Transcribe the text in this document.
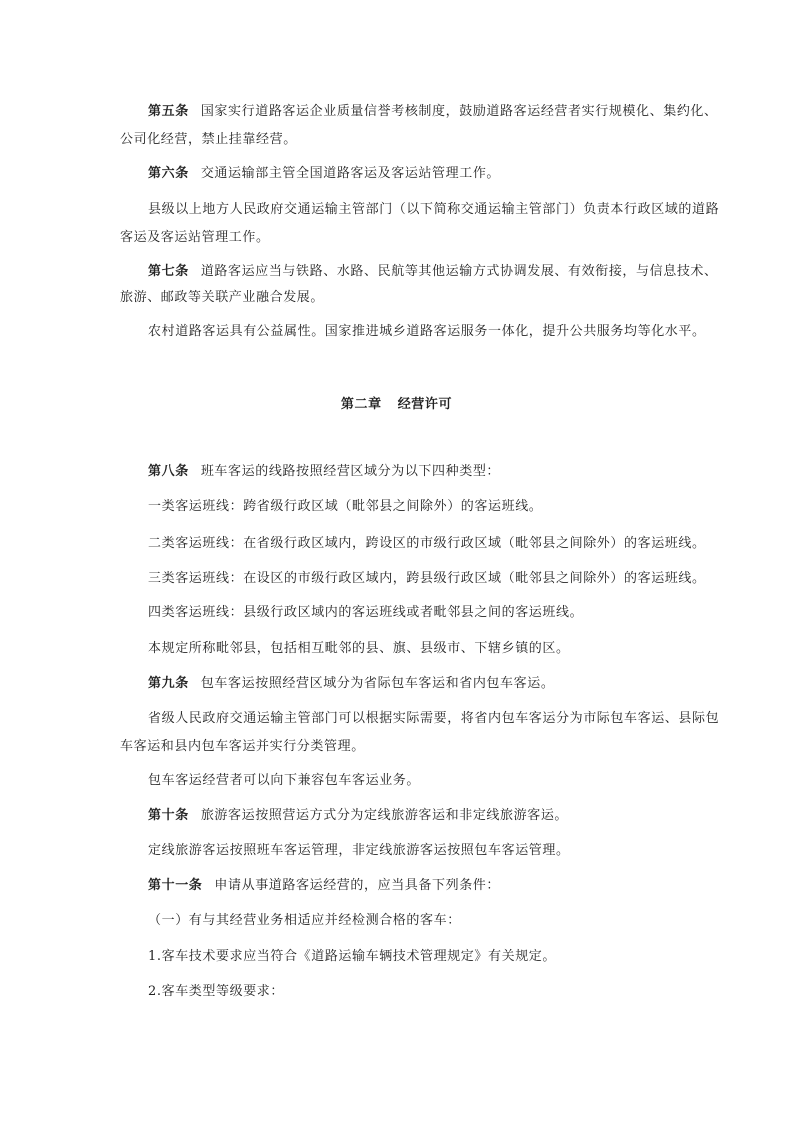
第五条 国家实行道路客运企业质量信誉考核制度，鼓励道路客运经营者实行规模化、集约化、
公司化经营，禁止挂靠经营。
第六条 交通运输部主管全国道路客运及客运站管理工作。
县级以上地方人民政府交通运输主管部门（以下简称交通运输主管部门）负责本行政区域的道路
客运及客运站管理工作。
第七条 道路客运应当与铁路、水路、民航等其他运输方式协调发展、有效衔接，与信息技术、
旅游、邮政等关联产业融合发展。
农村道路客运具有公益属性。国家推进城乡道路客运服务一体化，提升公共服务均等化水平。
第二章 经营许可
第八条 班车客运的线路按照经营区域分为以下四种类型：
一类客运班线：跨省级行政区域（毗邻县之间除外）的客运班线。
二类客运班线：在省级行政区域内，跨设区的市级行政区域（毗邻县之间除外）的客运班线。
三类客运班线：在设区的市级行政区域内，跨县级行政区域（毗邻县之间除外）的客运班线。
四类客运班线：县级行政区域内的客运班线或者毗邻县之间的客运班线。
本规定所称毗邻县，包括相互毗邻的县、旗、县级市、下辖乡镇的区。
第九条 包车客运按照经营区域分为省际包车客运和省内包车客运。
省级人民政府交通运输主管部门可以根据实际需要，将省内包车客运分为市际包车客运、县际包
车客运和县内包车客运并实行分类管理。
包车客运经营者可以向下兼容包车客运业务。
第十条 旅游客运按照营运方式分为定线旅游客运和非定线旅游客运。
定线旅游客运按照班车客运管理，非定线旅游客运按照包车客运管理。
第十一条 申请从事道路客运经营的，应当具备下列条件：
（一）有与其经营业务相适应并经检测合格的客车：
1.客车技术要求应当符合《道路运输车辆技术管理规定》有关规定。
2.客车类型等级要求：
